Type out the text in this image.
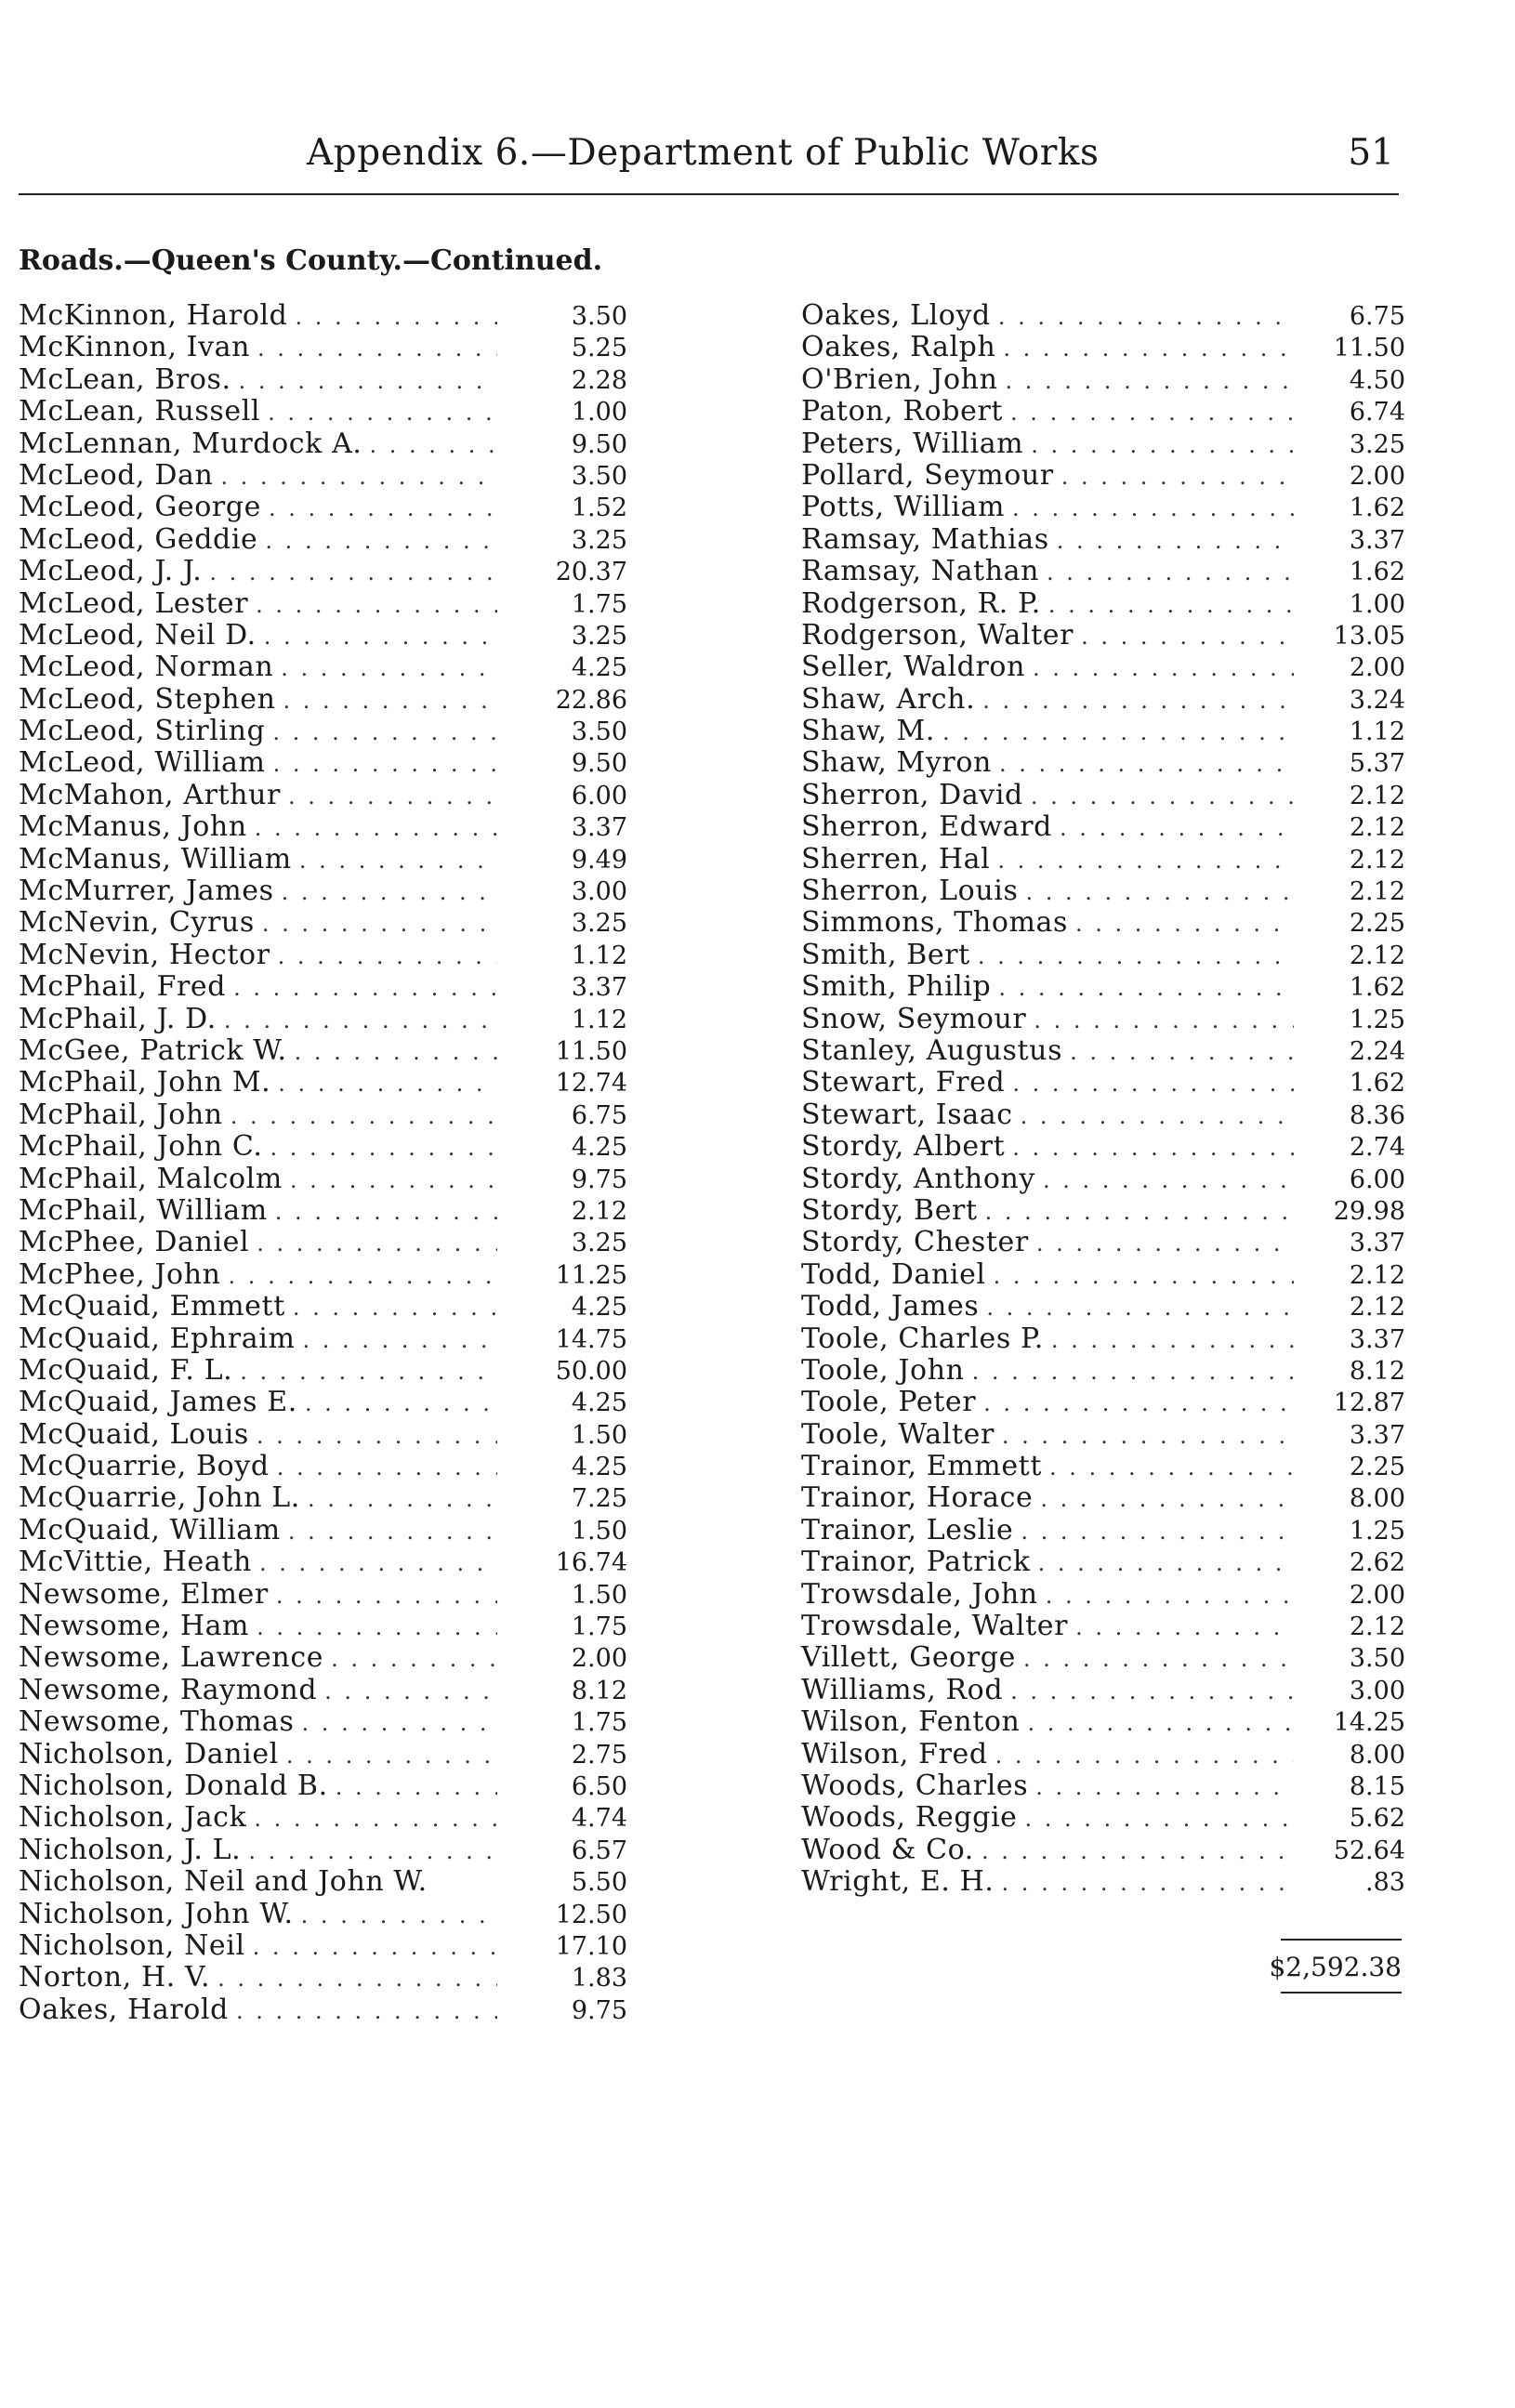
Appendix 6.—Department of Public Works	51
Roads.—Queen's County.—Continued.
McKinnon, Harold . . .	3.50
McKinnon, Ivan . . .	5.25
McLean, Bros. . . .	2.28
McLean, Russell . . .	1.00
McLennan, Murdock A. . . .	9.50
McLeod, Dan . . .	3.50
McLeod, George . . .	1.52
McLeod, Geddie . . .	3.25
McLeod, J. J. . . .	20.37
McLeod, Lester . . .	1.75
McLeod, Neil D. . . .	3.25
McLeod, Norman . . .	4.25
McLeod, Stephen . . .	22.86
McLeod, Stirling . . .	3.50
McLeod, William . . .	9.50
McMahon, Arthur . . .	6.00
McManus, John . . .	3.37
McManus, William . . .	9.49
McMurrer, James . . .	3.00
McNevin, Cyrus . . .	3.25
McNevin, Hector . . .	1.12
McPhail, Fred . . .	3.37
McPhail, J. D. . . .	1.12
McGee, Patrick W. . . .	11.50
McPhail, John M. . . .	12.74
McPhail, John . . .	6.75
McPhail, John C. . . .	4.25
McPhail, Malcolm . . .	9.75
McPhail, William . . .	2.12
McPhee, Daniel . . .	3.25
McPhee, John . . .	11.25
McQuaid, Emmett . . .	4.25
McQuaid, Ephraim . . .	14.75
McQuaid, F. L. . . .	50.00
McQuaid, James E. . . .	4.25
McQuaid, Louis . . .	1.50
McQuarrie, Boyd . . .	4.25
McQuarrie, John L. . . .	7.25
McQuaid, William . . .	1.50
McVittie, Heath . . .	16.74
Newsome, Elmer . . .	1.50
Newsome, Ham . . .	1.75
Newsome, Lawrence . . .	2.00
Newsome, Raymond . . .	8.12
Newsome, Thomas . . .	1.75
Nicholson, Daniel . . .	2.75
Nicholson, Donald B. . . .	6.50
Nicholson, Jack . . .	4.74
Nicholson, J. L. . . .	6.57
Nicholson, Neil and John W.	5.50
Nicholson, John W. . . .	12.50
Nicholson, Neil . . .	17.10
Norton, H. V. . . .	1.83
Oakes, Harold . . .	9.75
Oakes, Lloyd . . .	6.75
Oakes, Ralph . . .	11.50
O'Brien, John . . .	4.50
Paton, Robert . . .	6.74
Peters, William . . .	3.25
Pollard, Seymour . . .	2.00
Potts, William . . .	1.62
Ramsay, Mathias . . .	3.37
Ramsay, Nathan . . .	1.62
Rodgerson, R. P. . . .	1.00
Rodgerson, Walter . . .	13.05
Seller, Waldron . . .	2.00
Shaw, Arch. . . .	3.24
Shaw, M. . . .	1.12
Shaw, Myron . . .	5.37
Sherron, David . . .	2.12
Sherron, Edward . . .	2.12
Sherren, Hal . . .	2.12
Sherron, Louis . . .	2.12
Simmons, Thomas . . .	2.25
Smith, Bert . . .	2.12
Smith, Philip . . .	1.62
Snow, Seymour . . .	1.25
Stanley, Augustus . . .	2.24
Stewart, Fred . . .	1.62
Stewart, Isaac . . .	8.36
Stordy, Albert . . .	2.74
Stordy, Anthony . . .	6.00
Stordy, Bert . . .	29.98
Stordy, Chester . . .	3.37
Todd, Daniel . . .	2.12
Todd, James . . .	2.12
Toole, Charles P. . . .	3.37
Toole, John . . .	8.12
Toole, Peter . . .	12.87
Toole, Walter . . .	3.37
Trainor, Emmett . . .	2.25
Trainor, Horace . . .	8.00
Trainor, Leslie . . .	1.25
Trainor, Patrick . . .	2.62
Trowsdale, John . . .	2.00
Trowsdale, Walter . . .	2.12
Villett, George . . .	3.50
Williams, Rod . . .	3.00
Wilson, Fenton . . .	14.25
Wilson, Fred . . .	8.00
Woods, Charles . . .	8.15
Woods, Reggie . . .	5.62
Wood & Co. . . .	52.64
Wright, E. H. . . .	.83
$2,592.38
